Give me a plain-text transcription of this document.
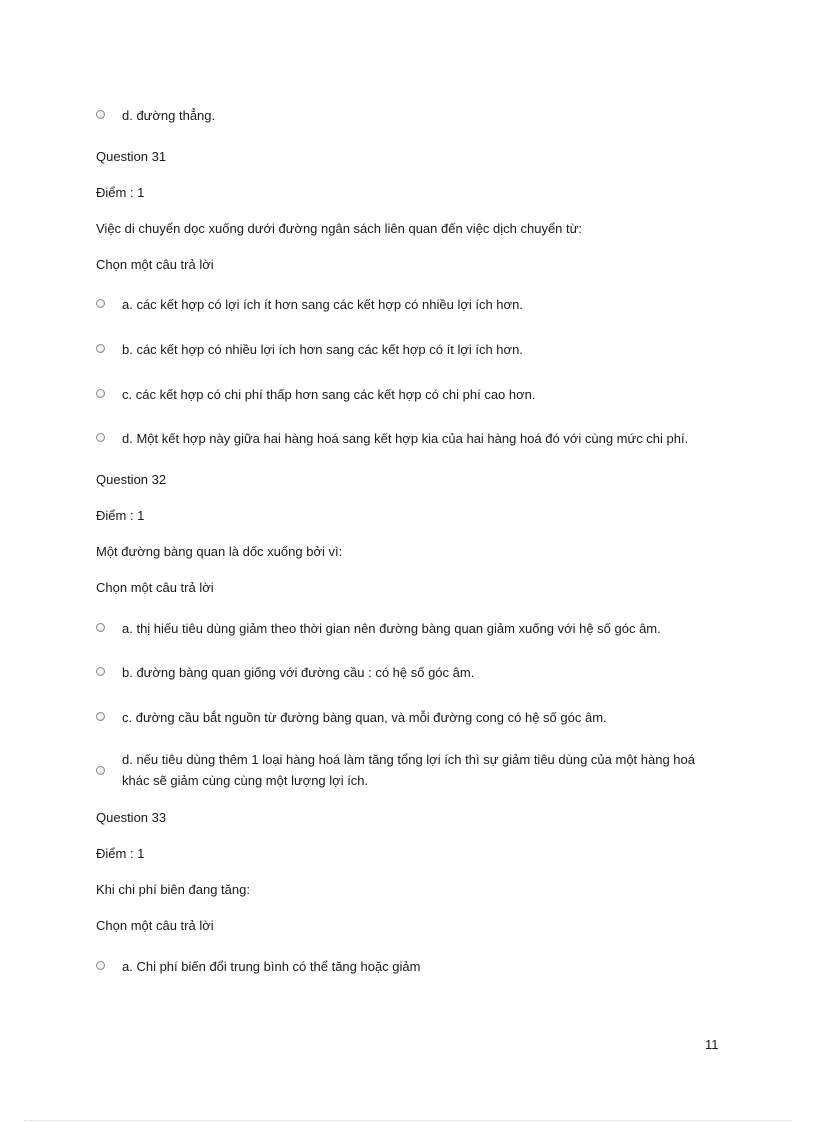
d. đường thẳng.
Question 31
Điểm : 1
Việc di chuyển dọc xuống dưới đường ngân sách liên quan đến việc dịch chuyển từ:
Chọn một câu trả lời
a. các kết hợp có lợi ích ít hơn sang các kết hợp có nhiều lợi ích hơn.
b. các kết hợp có nhiều lợi ích hơn sang các kết hợp có ít lợi ích hơn.
c. các kết hợp có chi phí thấp hơn sang các kết hợp có chi phí cao hơn.
d. Một kết hợp này giữa hai hàng hoá sang kết hợp kia của hai hàng hoá đó với cùng mức chi phí.
Question 32
Điểm : 1
Một đường bàng quan là dốc xuống bởi vì:
Chọn một câu trả lời
a. thị hiếu tiêu dùng giảm theo thời gian nên đường bàng quan giảm xuống với hệ số góc âm.
b. đường bàng quan giống với đường cầu : có hệ số góc âm.
c. đường cầu bắt nguồn từ đường bàng quan, và mỗi đường cong có hệ số góc âm.
d. nếu tiêu dùng thêm 1 loại hàng hoá làm tăng tổng lợi ích thì sự giảm tiêu dùng của một hàng hoá khác sẽ giảm cùng cùng một lượng lợi ích.
Question 33
Điểm : 1
Khi chi phí biên đang tăng:
Chọn một câu trả lời
a. Chi phí biến đổi trung bình có thể tăng hoặc giảm
11
